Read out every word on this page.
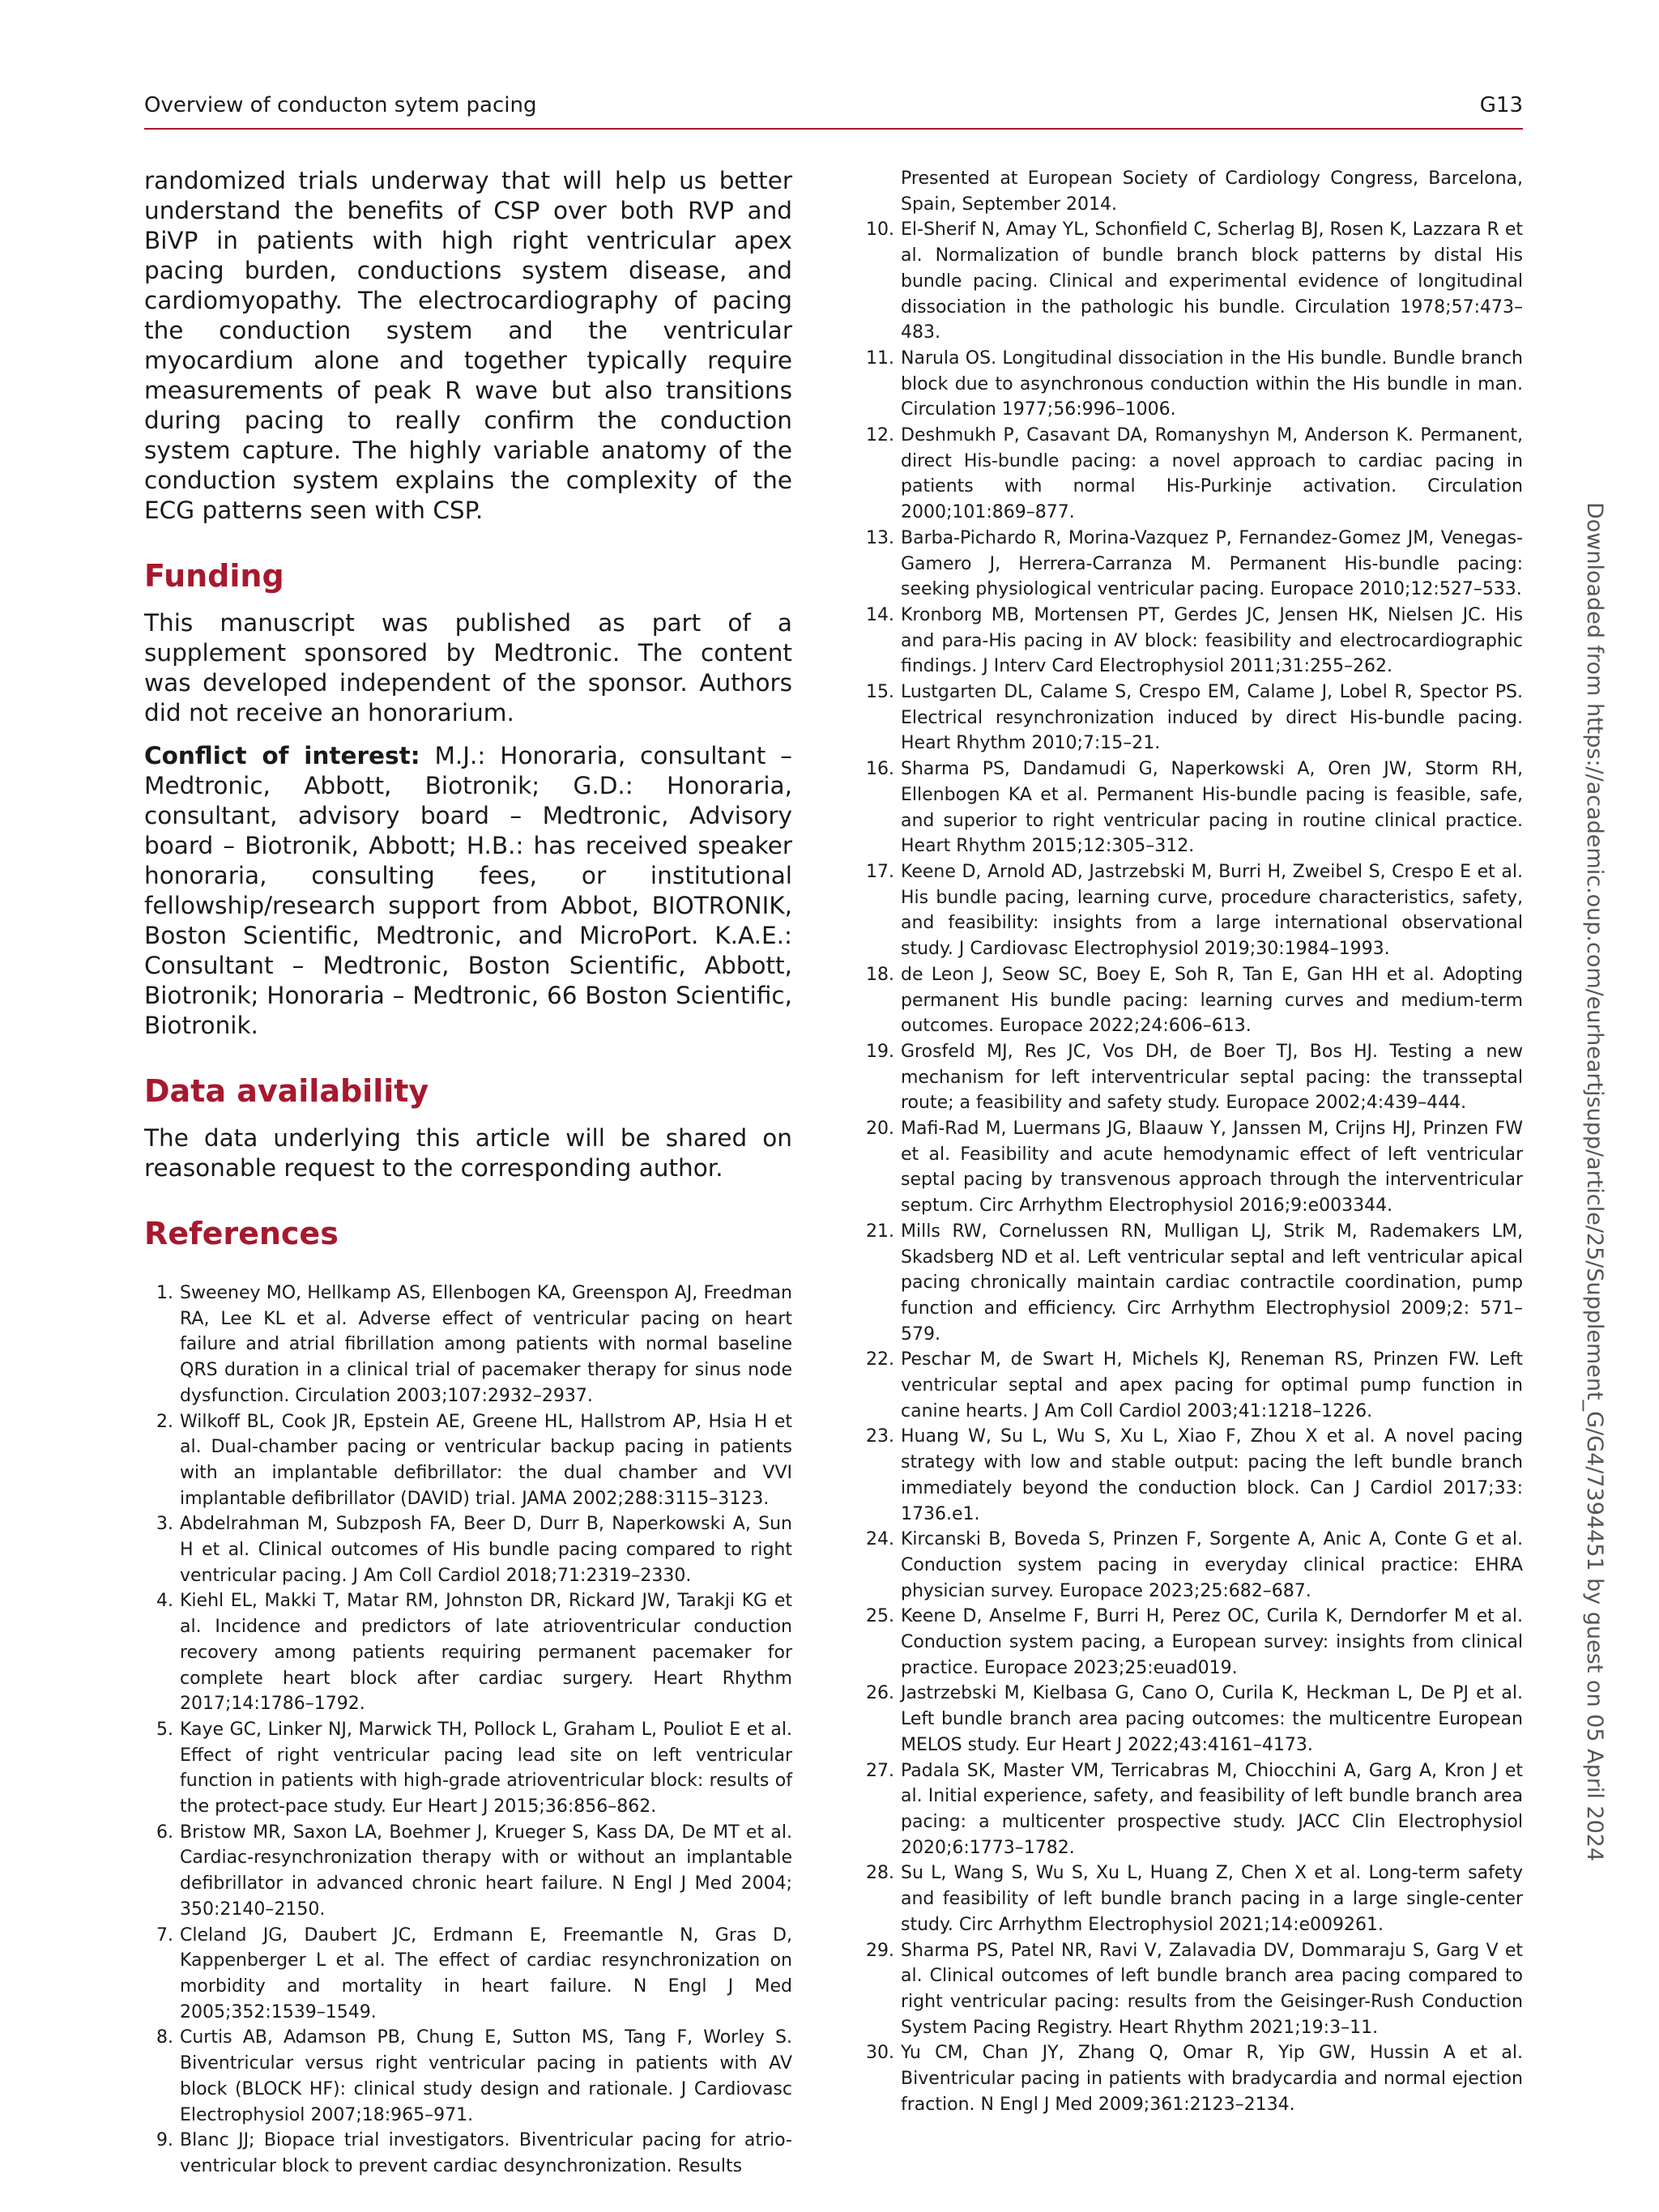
Overview of conducton sytem pacing	G13

randomized trials underway that will help us better understand the benefits of CSP over both RVP and BiVP in patients with high right ventricular apex pacing burden, conductions system disease, and cardiomyopathy. The electrocardiography of pacing the conduction system and the ventricular myocardium alone and together typically require measurements of peak R wave but also transitions during pacing to really confirm the conduction system capture. The highly variable anatomy of the conduction system explains the complexity of the ECG patterns seen with CSP.

Funding

This manuscript was published as part of a supplement sponsored by Medtronic. The content was developed independent of the sponsor. Authors did not receive an honorarium.

Conflict of interest: M.J.: Honoraria, consultant – Medtronic, Abbott, Biotronik; G.D.: Honoraria, consultant, advisory board – Medtronic, Advisory board – Biotronik, Abbott; H.B.: has received speaker honoraria, consulting fees, or institutional fellowship/research support from Abbot, BIOTRONIK, Boston Scientific, Medtronic, and MicroPort. K.A.E.: Consultant – Medtronic, Boston Scientific, Abbott, Biotronik; Honoraria – Medtronic, 66 Boston Scientific, Biotronik.

Data availability

The data underlying this article will be shared on reasonable request to the corresponding author.

References
1. Sweeney MO, Hellkamp AS, Ellenbogen KA, Greenspon AJ, Freedman RA, Lee KL et al. Adverse effect of ventricular pacing on heart failure and atrial fibrillation among patients with normal baseline QRS duration in a clinical trial of pacemaker therapy for sinus node dysfunction. Circulation 2003;107:2932–2937.
2. Wilkoff BL, Cook JR, Epstein AE, Greene HL, Hallstrom AP, Hsia H et al. Dual-chamber pacing or ventricular backup pacing in patients with an implantable defibrillator: the dual chamber and VVI implantable defibrillator (DAVID) trial. JAMA 2002;288:3115–3123.
3. Abdelrahman M, Subzposh FA, Beer D, Durr B, Naperkowski A, Sun H et al. Clinical outcomes of His bundle pacing compared to right ventricular pacing. J Am Coll Cardiol 2018;71:2319–2330.
4. Kiehl EL, Makki T, Matar RM, Johnston DR, Rickard JW, Tarakji KG et al. Incidence and predictors of late atrioventricular conduction recovery among patients requiring permanent pacemaker for complete heart block after cardiac surgery. Heart Rhythm 2017;14:1786–1792.
5. Kaye GC, Linker NJ, Marwick TH, Pollock L, Graham L, Pouliot E et al. Effect of right ventricular pacing lead site on left ventricular function in patients with high-grade atrioventricular block: results of the protect-pace study. Eur Heart J 2015;36:856–862.
6. Bristow MR, Saxon LA, Boehmer J, Krueger S, Kass DA, De MT et al. Cardiac-resynchronization therapy with or without an implantable defibrillator in advanced chronic heart failure. N Engl J Med 2004; 350:2140–2150.
7. Cleland JG, Daubert JC, Erdmann E, Freemantle N, Gras D, Kappenberger L et al. The effect of cardiac resynchronization on morbidity and mortality in heart failure. N Engl J Med 2005;352:1539–1549.
8. Curtis AB, Adamson PB, Chung E, Sutton MS, Tang F, Worley S. Biventricular versus right ventricular pacing in patients with AV block (BLOCK HF): clinical study design and rationale. J Cardiovasc Electrophysiol 2007;18:965–971.
9. Blanc JJ; Biopace trial investigators. Biventricular pacing for atrio-ventricular block to prevent cardiac desynchronization. Results
Presented at European Society of Cardiology Congress, Barcelona, Spain, September 2014.
10. El-Sherif N, Amay YL, Schonfield C, Scherlag BJ, Rosen K, Lazzara R et al. Normalization of bundle branch block patterns by distal His bundle pacing. Clinical and experimental evidence of longitudinal dissociation in the pathologic his bundle. Circulation 1978;57:473–483.
11. Narula OS. Longitudinal dissociation in the His bundle. Bundle branch block due to asynchronous conduction within the His bundle in man. Circulation 1977;56:996–1006.
12. Deshmukh P, Casavant DA, Romanyshyn M, Anderson K. Permanent, direct His-bundle pacing: a novel approach to cardiac pacing in patients with normal His-Purkinje activation. Circulation 2000;101:869–877.
13. Barba-Pichardo R, Morina-Vazquez P, Fernandez-Gomez JM, Venegas-Gamero J, Herrera-Carranza M. Permanent His-bundle pacing: seeking physiological ventricular pacing. Europace 2010;12:527–533.
14. Kronborg MB, Mortensen PT, Gerdes JC, Jensen HK, Nielsen JC. His and para-His pacing in AV block: feasibility and electrocardiographic findings. J Interv Card Electrophysiol 2011;31:255–262.
15. Lustgarten DL, Calame S, Crespo EM, Calame J, Lobel R, Spector PS. Electrical resynchronization induced by direct His-bundle pacing. Heart Rhythm 2010;7:15–21.
16. Sharma PS, Dandamudi G, Naperkowski A, Oren JW, Storm RH, Ellenbogen KA et al. Permanent His-bundle pacing is feasible, safe, and superior to right ventricular pacing in routine clinical practice. Heart Rhythm 2015;12:305–312.
17. Keene D, Arnold AD, Jastrzebski M, Burri H, Zweibel S, Crespo E et al. His bundle pacing, learning curve, procedure characteristics, safety, and feasibility: insights from a large international observational study. J Cardiovasc Electrophysiol 2019;30:1984–1993.
18. de Leon J, Seow SC, Boey E, Soh R, Tan E, Gan HH et al. Adopting permanent His bundle pacing: learning curves and medium-term outcomes. Europace 2022;24:606–613.
19. Grosfeld MJ, Res JC, Vos DH, de Boer TJ, Bos HJ. Testing a new mechanism for left interventricular septal pacing: the transseptal route; a feasibility and safety study. Europace 2002;4:439–444.
20. Mafi-Rad M, Luermans JG, Blaauw Y, Janssen M, Crijns HJ, Prinzen FW et al. Feasibility and acute hemodynamic effect of left ventricular septal pacing by transvenous approach through the interventricular septum. Circ Arrhythm Electrophysiol 2016;9:e003344.
21. Mills RW, Cornelussen RN, Mulligan LJ, Strik M, Rademakers LM, Skadsberg ND et al. Left ventricular septal and left ventricular apical pacing chronically maintain cardiac contractile coordination, pump function and efficiency. Circ Arrhythm Electrophysiol 2009;2: 571–579.
22. Peschar M, de Swart H, Michels KJ, Reneman RS, Prinzen FW. Left ventricular septal and apex pacing for optimal pump function in canine hearts. J Am Coll Cardiol 2003;41:1218–1226.
23. Huang W, Su L, Wu S, Xu L, Xiao F, Zhou X et al. A novel pacing strategy with low and stable output: pacing the left bundle branch immediately beyond the conduction block. Can J Cardiol 2017;33: 1736.e1.
24. Kircanski B, Boveda S, Prinzen F, Sorgente A, Anic A, Conte G et al. Conduction system pacing in everyday clinical practice: EHRA physician survey. Europace 2023;25:682–687.
25. Keene D, Anselme F, Burri H, Perez OC, Curila K, Derndorfer M et al. Conduction system pacing, a European survey: insights from clinical practice. Europace 2023;25:euad019.
26. Jastrzebski M, Kielbasa G, Cano O, Curila K, Heckman L, De PJ et al. Left bundle branch area pacing outcomes: the multicentre European MELOS study. Eur Heart J 2022;43:4161–4173.
27. Padala SK, Master VM, Terricabras M, Chiocchini A, Garg A, Kron J et al. Initial experience, safety, and feasibility of left bundle branch area pacing: a multicenter prospective study. JACC Clin Electrophysiol 2020;6:1773–1782.
28. Su L, Wang S, Wu S, Xu L, Huang Z, Chen X et al. Long-term safety and feasibility of left bundle branch pacing in a large single-center study. Circ Arrhythm Electrophysiol 2021;14:e009261.
29. Sharma PS, Patel NR, Ravi V, Zalavadia DV, Dommaraju S, Garg V et al. Clinical outcomes of left bundle branch area pacing compared to right ventricular pacing: results from the Geisinger-Rush Conduction System Pacing Registry. Heart Rhythm 2021;19:3–11.
30. Yu CM, Chan JY, Zhang Q, Omar R, Yip GW, Hussin A et al. Biventricular pacing in patients with bradycardia and normal ejection fraction. N Engl J Med 2009;361:2123–2134.
Downloaded from https://academic.oup.com/eurheartjsupp/article/25/Supplement_G/G4/7394451 by guest on 05 April 2024
